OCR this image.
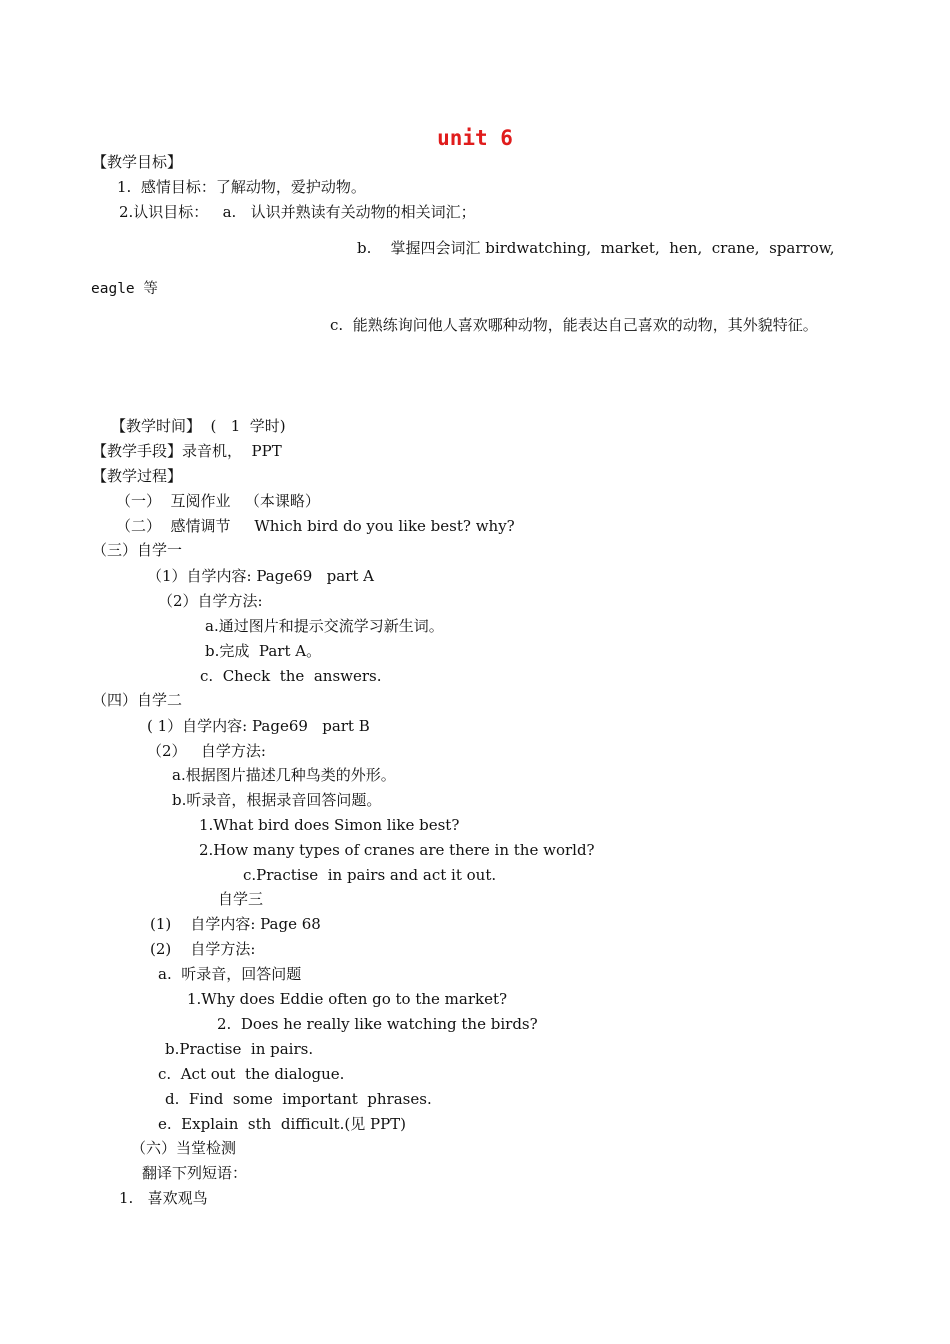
unit 6
【教学目标】
1.  感情目标：了解动物，爱护动物。
2.认识目标：   a.   认识并熟读有关动物的相关词汇；
b.    掌握四会词汇 birdwatching,  market,  hen,  crane,  sparrow,
eagle 等
c.  能熟练询问他人喜欢哪种动物，能表达自己喜欢的动物，其外貌特征。
【教学时间】  (   1  学时)
【教学手段】录音机，  PPT
【教学过程】
（一）  互阅作业   （本课略）
（二）  感情调节     Which bird do you like best? why?
（三）自学一
（1）自学内容: Page69   part A
（2）自学方法:
a.通过图片和提示交流学习新生词。
b.完成  Part A。
c.  Check  the  answers.
（四）自学二
( 1）自学内容: Page69   part B
（2）   自学方法:
a.根据图片描述几种鸟类的外形。
b.听录音，根据录音回答问题。
1.What bird does Simon like best?
2.How many types of cranes are there in the world?
c.Practise  in pairs and act it out.
自学三
(1)    自学内容: Page 68
(2)    自学方法:
a.  听录音，回答问题
1.Why does Eddie often go to the market?
2.  Does he really like watching the birds?
b.Practise  in pairs.
c.  Act out  the dialogue.
d.  Find  some  important  phrases.
e.  Explain  sth  difficult.(见 PPT)
（六）当堂检测
翻译下列短语：
1.   喜欢观鸟
